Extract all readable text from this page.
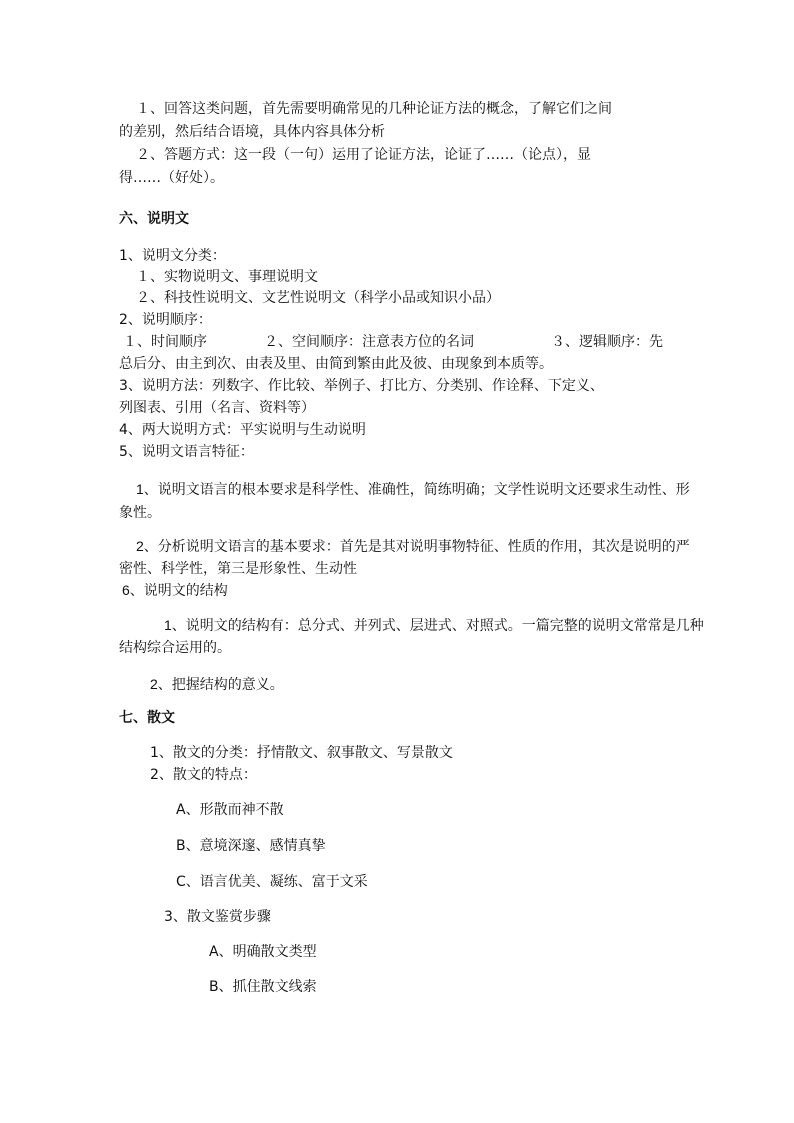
１、回答这类问题，首先需要明确常见的几种论证方法的概念，了解它们之间
的差别，然后结合语境，具体内容具体分析
２、答题方式：这一段（一句）运用了论证方法，论证了……（论点），显
得……（好处）。
六、说明文
1、说明文分类：
１、实物说明文、事理说明文
２、科技性说明文、文艺性说明文（科学小品或知识小品）
2、说明顺序：
１、时间顺序	２、空间顺序：注意表方位的名词	３、逻辑顺序：先
总后分、由主到次、由表及里、由简到繁由此及彼、由现象到本质等。
3、说明方法：列数字、作比较、举例子、打比方、分类别、作诠释、下定义、
列图表、引用（名言、资料等）
4、两大说明方式：平实说明与生动说明
5、说明文语言特征：
1、说明文语言的根本要求是科学性、准确性，简练明确；文学性说明文还要求生动性、形
象性。
2、分析说明文语言的基本要求：首先是其对说明事物特征、性质的作用，其次是说明的严
密性、科学性，第三是形象性、生动性
6、说明文的结构
1、说明文的结构有：总分式、并列式、层进式、对照式。一篇完整的说明文常常是几种
结构综合运用的。
2、把握结构的意义。
七、散文
1、散文的分类：抒情散文、叙事散文、写景散文
2、散文的特点：
A、形散而神不散
B、意境深邃、感情真挚
C、语言优美、凝练、富于文采
3、散文鉴赏步骤
A、明确散文类型
B、抓住散文线索
